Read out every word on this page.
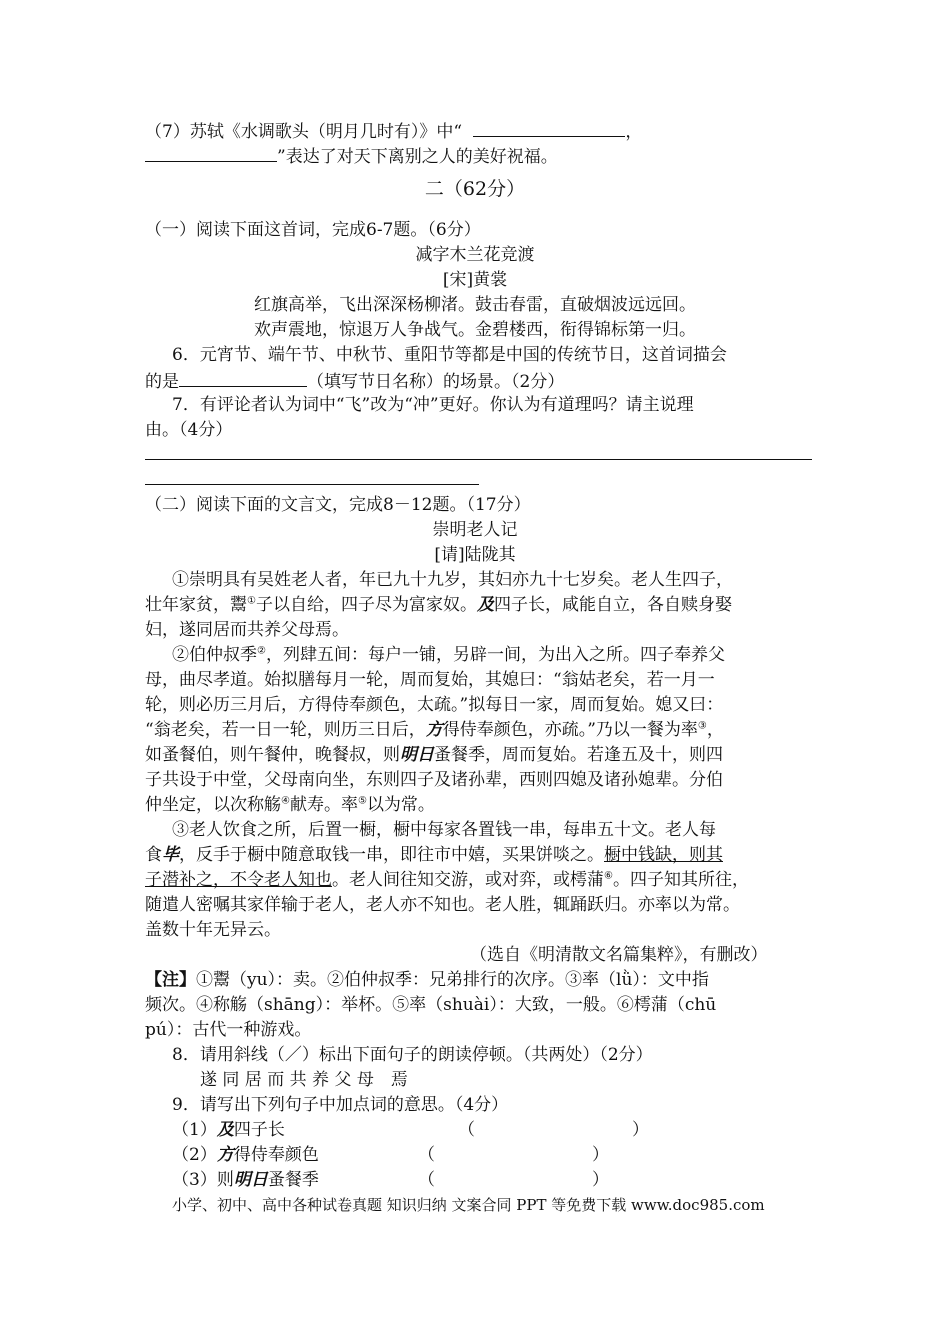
（7）苏轼《水调歌头（明月几时有）》中“	，
”表达了对天下离别之人的美好祝福。
二（62分）
（一）阅读下面这首词，完成6-7题。（6分）
减字木兰花竞渡
[宋]黄裳
红旗高举，飞出深深杨柳渚。鼓击春雷，直破烟波远远回。
欢声震地，惊退万人争战气。金碧楼西，衔得锦标第一归。
6．元宵节、端午节、中秋节、重阳节等都是中国的传统节日，这首词描会
的是	（填写节日名称）的场景。（2分）
7．有评论者认为词中“飞”改为“冲”更好。你认为有道理吗？请主说理
由。（4分）
（二）阅读下面的文言文，完成8－12题。（17分）
崇明老人记
[请]陆陇其
①崇明具有吴姓老人者，年已九十九岁，其妇亦九十七岁矣。老人生四子，
壮年家贫，鬻①子以自给，四子尽为富家奴。及四子长，咸能自立，各自赎身娶
妇，遂同居而共养父母焉。
②伯仲叔季②，列肆五间：每户一铺，另辟一间，为出入之所。四子奉养父
母，曲尽孝道。始拟膳每月一轮，周而复始，其媳曰：“翁姑老矣，若一月一
轮，则必历三月后，方得侍奉颜色，太疏。”拟每日一家，周而复始。媳又曰：
“翁老矣，若一日一轮，则历三日后，方得侍奉颜色，亦疏。”乃以一餐为率③，
如蚤餐伯，则午餐仲，晚餐叔，则明日蚤餐季，周而复始。若逢五及十，则四
子共设于中堂，父母南向坐，东则四子及诸孙辈，西则四媳及诸孙媳辈。分伯
仲坐定，以次称觞④献寿。率⑤以为常。
③老人饮食之所，后置一橱，橱中每家各置钱一串，每串五十文。老人每
食毕，反手于橱中随意取钱一串，即往市中嬉，买果饼啖之。橱中钱缺，则其
子潜补之，不令老人知也。老人间往知交游，或对弈，或樗蒲⑥。四子知其所往，
随遣人密嘱其家佯输于老人，老人亦不知也。老人胜，辄踊跃归。亦率以为常。
盖数十年无异云。
（选自《明清散文名篇集粹》，有删改）
【注】①鬻（yu）：卖。②伯仲叔季：兄弟排行的次序。③率（lǜ）：文中指
频次。④称觞（shāng）：举杯。⑤率（shuài）：大致，一般。⑥樗蒲（chū
pú）：古代一种游戏。
8．请用斜线（／）标出下面句子的朗读停顿。（共两处）（2分）
遂 同 居 而 共 养 父 母　焉
9．请写出下列句子中加点词的意思。（4分）
（1）及四子长	（	）
（2）方得侍奉颜色	（	）
（3）则明日蚤餐季	（	）
小学、初中、高中各种试卷真题 知识归纳 文案合同 PPT 等免费下载 www.doc985.com
